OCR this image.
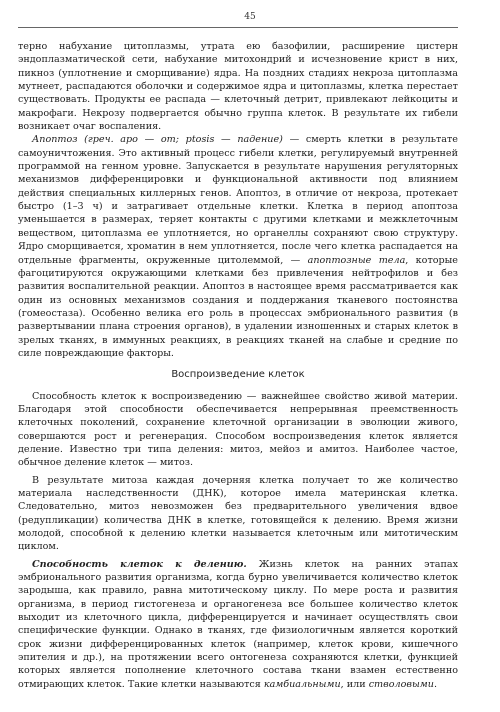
45

терно набухание цитоплазмы, утрата ею базофилии, расширение цистерн эндоплазматической сети, набухание митохондрий и исчезновение крист в них, пикноз (уплотнение и сморщивание) ядра. На поздних стадиях некроза цитоплазма мутнеет, распадаются оболочки и содержимое ядра и цитоплазмы, клетка перестает существовать. Продукты ее распада — клеточный детрит, привлекают лейкоциты и макрофаги. Некрозу подвергается обычно группа клеток. В результате их гибели возникает очаг воспаления.

Апоптоз (греч. apo — от; ptosis — падение) — смерть клетки в результате самоуничтожения. Это активный процесс гибели клетки, регулируемый внутренней программой на генном уровне. Запускается в результате нарушения регуляторных механизмов дифференцировки и функциональной активности под влиянием действия специальных киллерных генов. Апоптоз, в отличие от некроза, протекает быстро (1–3 ч) и затрагивает отдельные клетки. Клетка в период апоптоза уменьшается в размерах, теряет контакты с другими клетками и межклеточным веществом, цитоплазма ее уплотняется, но органеллы сохраняют свою структуру. Ядро сморщивается, хроматин в нем уплотняется, после чего клетка распадается на отдельные фрагменты, окруженные цитолеммой, — апоптозные тела, которые фагоцитируются окружающими клетками без привлечения нейтрофилов и без развития воспалительной реакции. Апоптоз в настоящее время рассматривается как один из основных механизмов создания и поддержания тканевого постоянства (гомеостаза). Особенно велика его роль в процессах эмбрионального развития (в развертывании плана строения органов), в удалении изношенных и старых клеток в зрелых тканях, в иммунных реакциях, в реакциях тканей на слабые и средние по силе повреждающие факторы.

Воспроизведение клеток

Способность клеток к воспроизведению — важнейшее свойство живой материи. Благодаря этой способности обеспечивается непрерывная преемственность клеточных поколений, сохранение клеточной организации в эволюции живого, совершаются рост и регенерация. Способом воспроизведения клеток является деление. Известно три типа деления: митоз, мейоз и амитоз. Наиболее частое, обычное деление клеток — митоз.

В результате митоза каждая дочерняя клетка получает то же количество материала наследственности (ДНК), которое имела материнская клетка. Следовательно, митоз невозможен без предварительного увеличения вдвое (редупликации) количества ДНК в клетке, готовящейся к делению. Время жизни молодой, способной к делению клетки называется клеточным или митотическим циклом.

Способность клеток к делению. Жизнь клеток на ранних этапах эмбрионального развития организма, когда бурно увеличивается количество клеток зародыша, как правило, равна митотическому циклу. По мере роста и развития организма, в период гистогенеза и органогенеза все большее количество клеток выходит из клеточного цикла, дифференцируется и начинает осуществлять свои специфические функции. Однако в тканях, где физиологичным является короткий срок жизни дифференцированных клеток (например, клеток крови, кишечного эпителия и др.), на протяжении всего онтогенеза сохраняются клетки, функцией которых является пополнение клеточного состава ткани взамен естественно отмирающих клеток. Такие клетки называются камбиальными, или стволовыми.
